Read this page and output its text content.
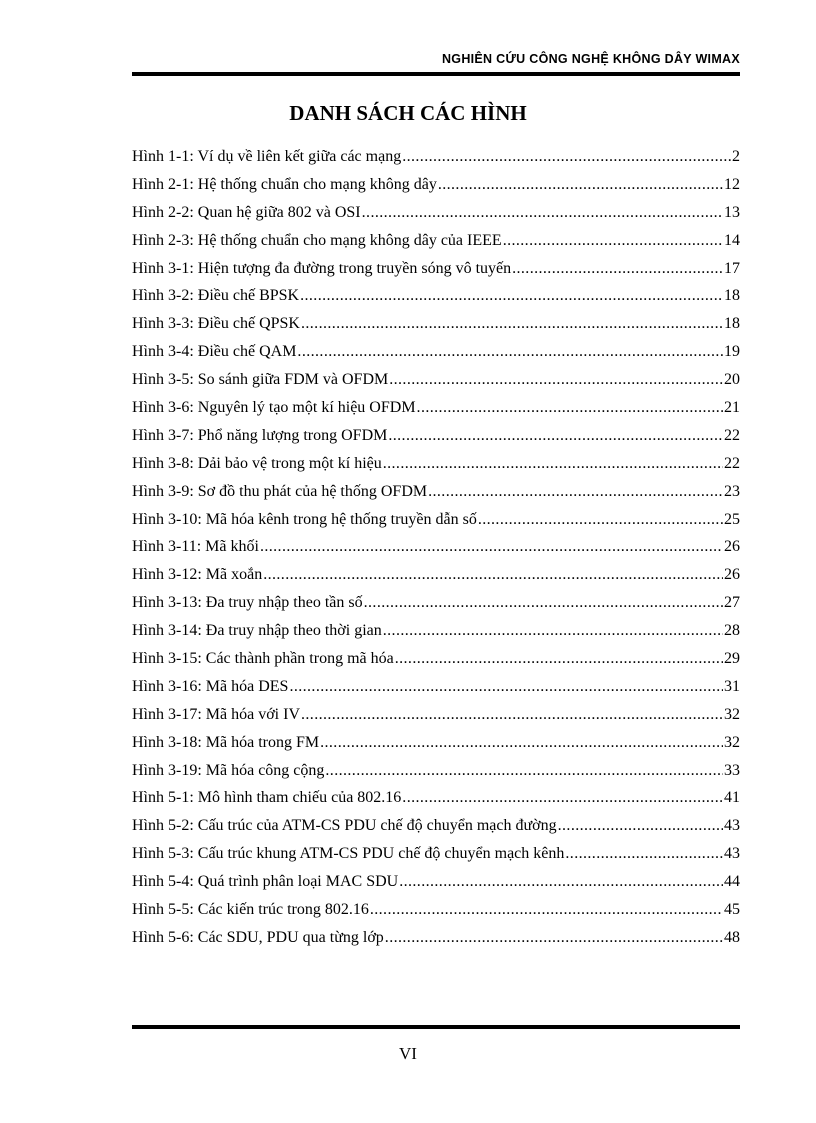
NGHIÊN CỨU CÔNG NGHỆ KHÔNG DÂY WIMAX
DANH SÁCH CÁC HÌNH
Hình 1-1: Ví dụ về liên kết giữa các mạng .....	2
Hình 2-1: Hệ thống chuẩn cho mạng không dây .....	12
Hình 2-2: Quan hệ giữa 802 và OSI .....	13
Hình 2-3: Hệ thống chuẩn cho mạng không dây của IEEE .....	14
Hình 3-1: Hiện tượng đa đường trong truyền sóng vô tuyến .....	17
Hình 3-2: Điều chế BPSK .....	18
Hình 3-3: Điều chế QPSK .....	18
Hình 3-4: Điều chế QAM .....	19
Hình 3-5: So sánh giữa FDM và OFDM .....	20
Hình 3-6: Nguyên lý tạo một kí hiệu OFDM .....	21
Hình 3-7: Phổ năng lượng trong OFDM .....	22
Hình 3-8: Dải bảo vệ trong một kí hiệu .....	22
Hình 3-9: Sơ đồ thu phát của hệ thống OFDM .....	23
Hình 3-10: Mã hóa kênh trong hệ thống truyền dẫn số .....	25
Hình 3-11: Mã khối .....	26
Hình 3-12: Mã xoắn .....	26
Hình 3-13: Đa truy nhập theo tần số .....	27
Hình 3-14: Đa truy nhập theo thời gian .....	28
Hình 3-15: Các thành phần trong mã hóa .....	29
Hình 3-16: Mã hóa DES .....	31
Hình 3-17: Mã hóa với IV .....	32
Hình 3-18: Mã hóa trong FM .....	32
Hình 3-19: Mã hóa công cộng .....	33
Hình 5-1: Mô hình tham chiếu của 802.16 .....	41
Hình 5-2: Cấu trúc của ATM-CS PDU chế độ chuyển mạch đường .....	43
Hình 5-3: Cấu trúc khung ATM-CS PDU chế độ chuyển mạch kênh .....	43
Hình 5-4: Quá trình phân loại MAC SDU .....	44
Hình 5-5: Các kiến trúc trong 802.16 .....	45
Hình 5-6: Các SDU, PDU qua từng lớp .....	48
VI
